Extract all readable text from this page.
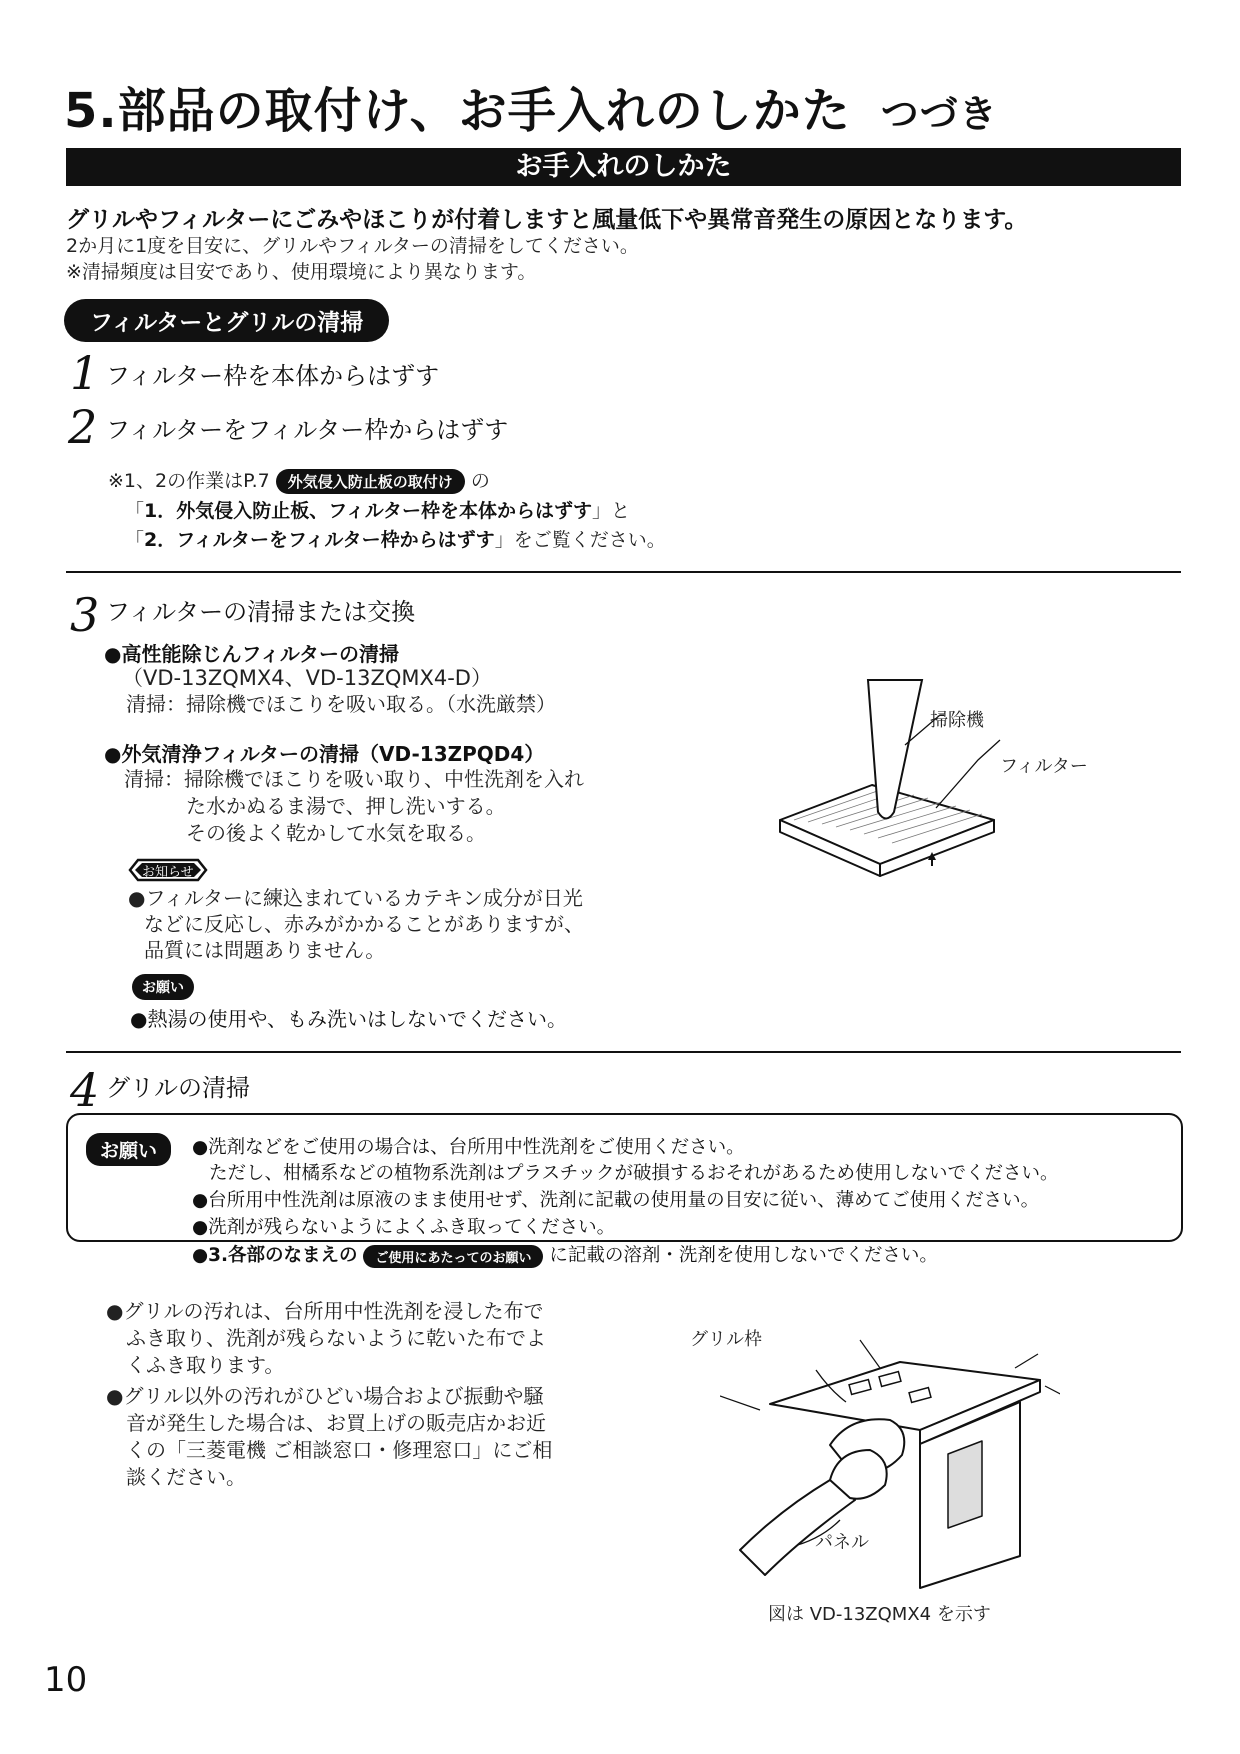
5.部品の取付け、お手入れのしかた つづき
お手入れのしかた
グリルやフィルターにごみやほこりが付着しますと風量低下や異常音発生の原因となります。
2か月に1度を目安に、グリルやフィルターの清掃をしてください。
※清掃頻度は目安であり、使用環境により異なります。
フィルターとグリルの清掃
1 フィルター枠を本体からはずす
2 フィルターをフィルター枠からはずす
※1、2の作業はP.7 外気侵入防止板の取付け の
「1．外気侵入防止板、フィルター枠を本体からはずす」と
「2．フィルターをフィルター枠からはずす」をご覧ください。
3 フィルターの清掃または交換
●高性能除じんフィルターの清掃
（VD-13ZQMX4、VD-13ZQMX4-D）
清掃：掃除機でほこりを吸い取る。（水洗厳禁）
●外気清浄フィルターの清掃（VD-13ZPQD4）
清掃：掃除機でほこりを吸い取り、中性洗剤を入れ
た水かぬるま湯で、押し洗いする。
その後よく乾かして水気を取る。
お知らせ
●フィルターに練込まれているカテキン成分が日光
などに反応し、赤みがかかることがありますが、
品質には問題ありません。
お願い
●熱湯の使用や、もみ洗いはしないでください。
掃除機
フィルター
4 グリルの清掃
お願い	●洗剤などをご使用の場合は、台所用中性洗剤をご使用ください。
ただし、柑橘系などの植物系洗剤はプラスチックが破損するおそれがあるため使用しないでください。
●台所用中性洗剤は原液のまま使用せず、洗剤に記載の使用量の目安に従い、薄めてご使用ください。
●洗剤が残らないようによくふき取ってください。
●3.各部のなまえの ご使用にあたってのお願い に記載の溶剤・洗剤を使用しないでください。
●グリルの汚れは、台所用中性洗剤を浸した布で
ふき取り、洗剤が残らないように乾いた布でよ
くふき取ります。
●グリル以外の汚れがひどい場合および振動や騒
音が発生した場合は、お買上げの販売店かお近
くの「三菱電機 ご相談窓口・修理窓口」にご相
談ください。
グリル枠
パネル
図は VD-13ZQMX4 を示す
10
